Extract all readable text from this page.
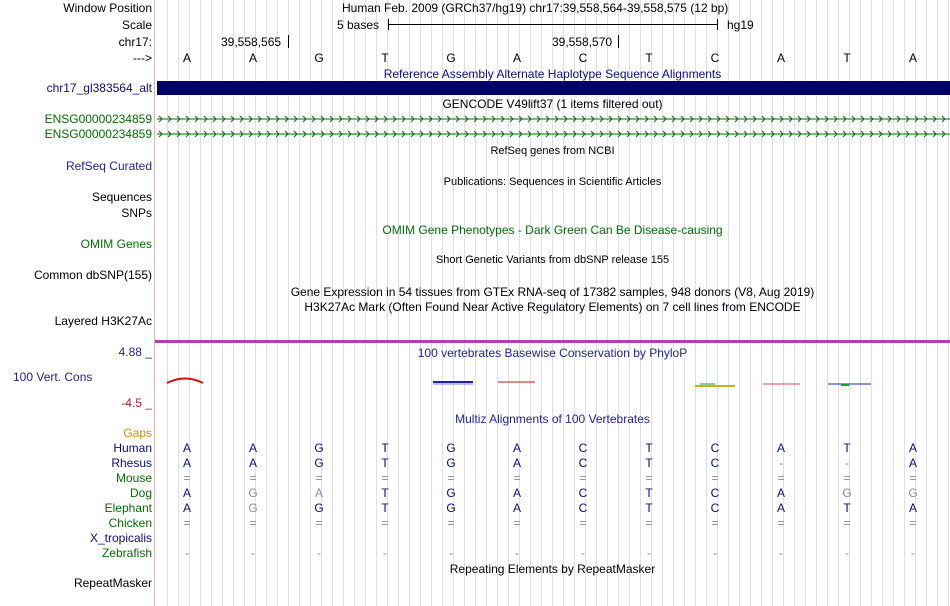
Window Position	Human Feb. 2009 (GRCh37/hg19) chr17:39,558,564-39,558,575 (12 bp)
Scale	5 bases	hg19
chr17:	39,558,565	39,558,570
--->	A	A	G	T	G	A	C	T	C	A	T	A
Reference Assembly Alternate Haplotype Sequence Alignments
chr17_gl383564_alt
GENCODE V49lift37 (1 items filtered out)
ENSG00000234859
ENSG00000234859
RefSeq genes from NCBI
RefSeq Curated
Publications: Sequences in Scientific Articles
Sequences
SNPs
OMIM Gene Phenotypes - Dark Green Can Be Disease-causing
OMIM Genes
Short Genetic Variants from dbSNP release 155
Common dbSNP(155)
Gene Expression in 54 tissues from GTEx RNA-seq of 17382 samples, 948 donors (V8, Aug 2019)
H3K27Ac Mark (Often Found Near Active Regulatory Elements) on 7 cell lines from ENCODE
Layered H3K27Ac
100 vertebrates Basewise Conservation by PhyloP
4.88 _
100 Vert. Cons
-4.5 _
Multiz Alignments of 100 Vertebrates
Gaps
Human	A	A	G	T	G	A	C	T	C	A	T	A
Rhesus	A	A	G	T	G	A	C	T	C	-	-	A
Mouse	=	=	=	=	=	=	=	=	=	=	=	=
Dog	A	G	A	T	G	A	C	T	C	A	G	G
Elephant	A	G	G	T	G	A	C	T	C	A	T	A
Chicken	=	=	=	=	=	=	=	=	=	=	=	=
X_tropicalis
Zebrafish	-	-	-	-	-	-	-	-	-	-	-	-
Repeating Elements by RepeatMasker
RepeatMasker
